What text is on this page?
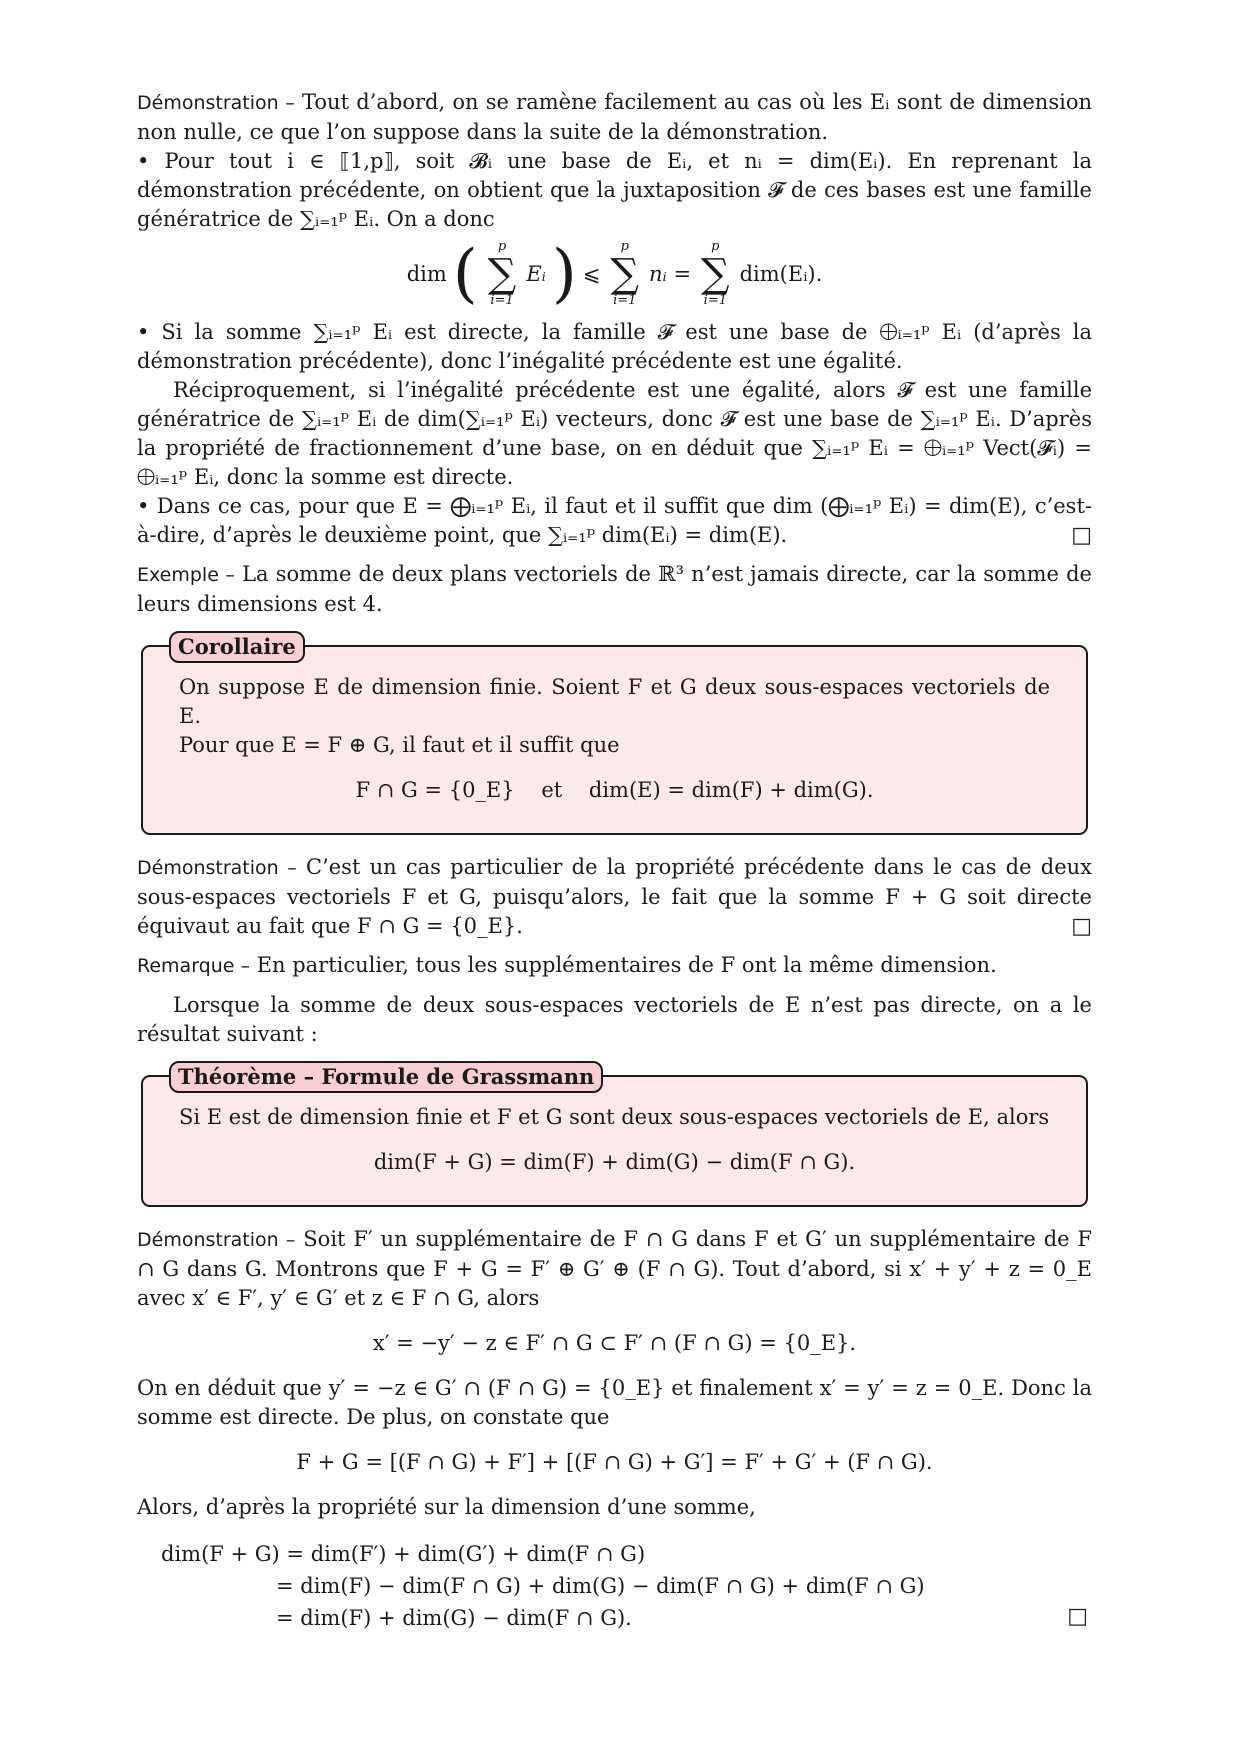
Démonstration – Tout d’abord, on se ramène facilement au cas où les Eᵢ sont de dimension non nulle, ce que l’on suppose dans la suite de la démonstration.

• Pour tout i ∈ ⟦1,p⟧, soit 𝓑ᵢ une base de Eᵢ, et nᵢ = dim(Eᵢ). En reprenant la démonstration précédente, on obtient que la juxtaposition 𝓕 de ces bases est une famille génératrice de ∑ᵢ₌₁ᵖ Eᵢ. On a donc

dim ( p
∑
i=1
Eᵢ ) ⩽
p
∑
i=1
nᵢ =
p
∑
i=1
dim(Eᵢ).

• Si la somme ∑ᵢ₌₁ᵖ Eᵢ est directe, la famille 𝓕 est une base de ⨁ᵢ₌₁ᵖ Eᵢ (d’après la démonstration précédente), donc l’inégalité précédente est une égalité.

Réciproquement, si l’inégalité précédente est une égalité, alors 𝓕 est une famille génératrice de ∑ᵢ₌₁ᵖ Eᵢ de dim(∑ᵢ₌₁ᵖ Eᵢ) vecteurs, donc 𝓕 est une base de ∑ᵢ₌₁ᵖ Eᵢ. D’après la propriété de fractionnement d’une base, on en déduit que ∑ᵢ₌₁ᵖ Eᵢ = ⨁ᵢ₌₁ᵖ Vect(𝓕ᵢ) = ⨁ᵢ₌₁ᵖ Eᵢ, donc la somme est directe.

• Dans ce cas, pour que E = ⨁ᵢ₌₁ᵖ Eᵢ, il faut et il suffit que dim (⨁ᵢ₌₁ᵖ Eᵢ) = dim(E), c’est-à-dire, d’après le deuxième point, que ∑ᵢ₌₁ᵖ dim(Eᵢ) = dim(E).	□

Exemple – La somme de deux plans vectoriels de ℝ³ n’est jamais directe, car la somme de leurs dimensions est 4.

Corollaire

On suppose E de dimension finie. Soient F et G deux sous-espaces vectoriels de E.

Pour que E = F ⊕ G, il faut et il suffit que

F ∩ G = {0_E}    et    dim(E) = dim(F) + dim(G).

Démonstration – C’est un cas particulier de la propriété précédente dans le cas de deux sous-espaces vectoriels F et G, puisqu’alors, le fait que la somme F + G soit directe équivaut au fait que F ∩ G = {0_E}.	□

Remarque – En particulier, tous les supplémentaires de F ont la même dimension.

Lorsque la somme de deux sous-espaces vectoriels de E n’est pas directe, on a le résultat suivant :

Théorème – Formule de Grassmann

Si E est de dimension finie et F et G sont deux sous-espaces vectoriels de E, alors

dim(F + G) = dim(F) + dim(G) − dim(F ∩ G).

Démonstration – Soit F′ un supplémentaire de F ∩ G dans F et G′ un supplémentaire de F ∩ G dans G. Montrons que F + G = F′ ⊕ G′ ⊕ (F ∩ G). Tout d’abord, si x′ + y′ + z = 0_E avec x′ ∈ F′, y′ ∈ G′ et z ∈ F ∩ G, alors

x′ = −y′ − z ∈ F′ ∩ G ⊂ F′ ∩ (F ∩ G) = {0_E}.

On en déduit que y′ = −z ∈ G′ ∩ (F ∩ G) = {0_E} et finalement x′ = y′ = z = 0_E. Donc la somme est directe. De plus, on constate que

F + G = [(F ∩ G) + F′] + [(F ∩ G) + G′] = F′ + G′ + (F ∩ G).

Alors, d’après la propriété sur la dimension d’une somme,

dim(F + G) = dim(F′) + dim(G′) + dim(F ∩ G)
= dim(F) − dim(F ∩ G) + dim(G) − dim(F ∩ G) + dim(F ∩ G)
= dim(F) + dim(G) − dim(F ∩ G).	□
